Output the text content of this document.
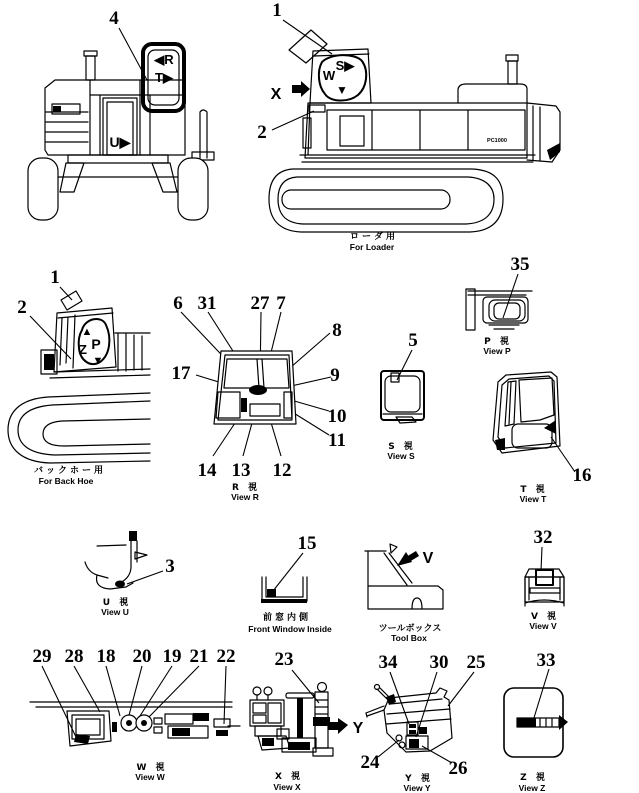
U▶
◀R
T▶
4
S▶
W
▼
PC1000
1
2
X
ローダ用
For Loader
▲
Z P
▼
1
2
バックホー用
For Back Hoe
6 31 27 7
8
9
10
11
17
14 13 12
R 視
View R
5
S 視
View S
35
P 視
View P
16
T 視
View T
3
U 視
View U
15
前窓内側
Front Window Inside
V
ツールボックス
Tool Box
32
V 視
View V
29 28 18 20 19 21 22
W 視
View W
23
Y
X 視
View X
34 30 25
24	26
Y 視
View Y
33
Z 視
View Z
